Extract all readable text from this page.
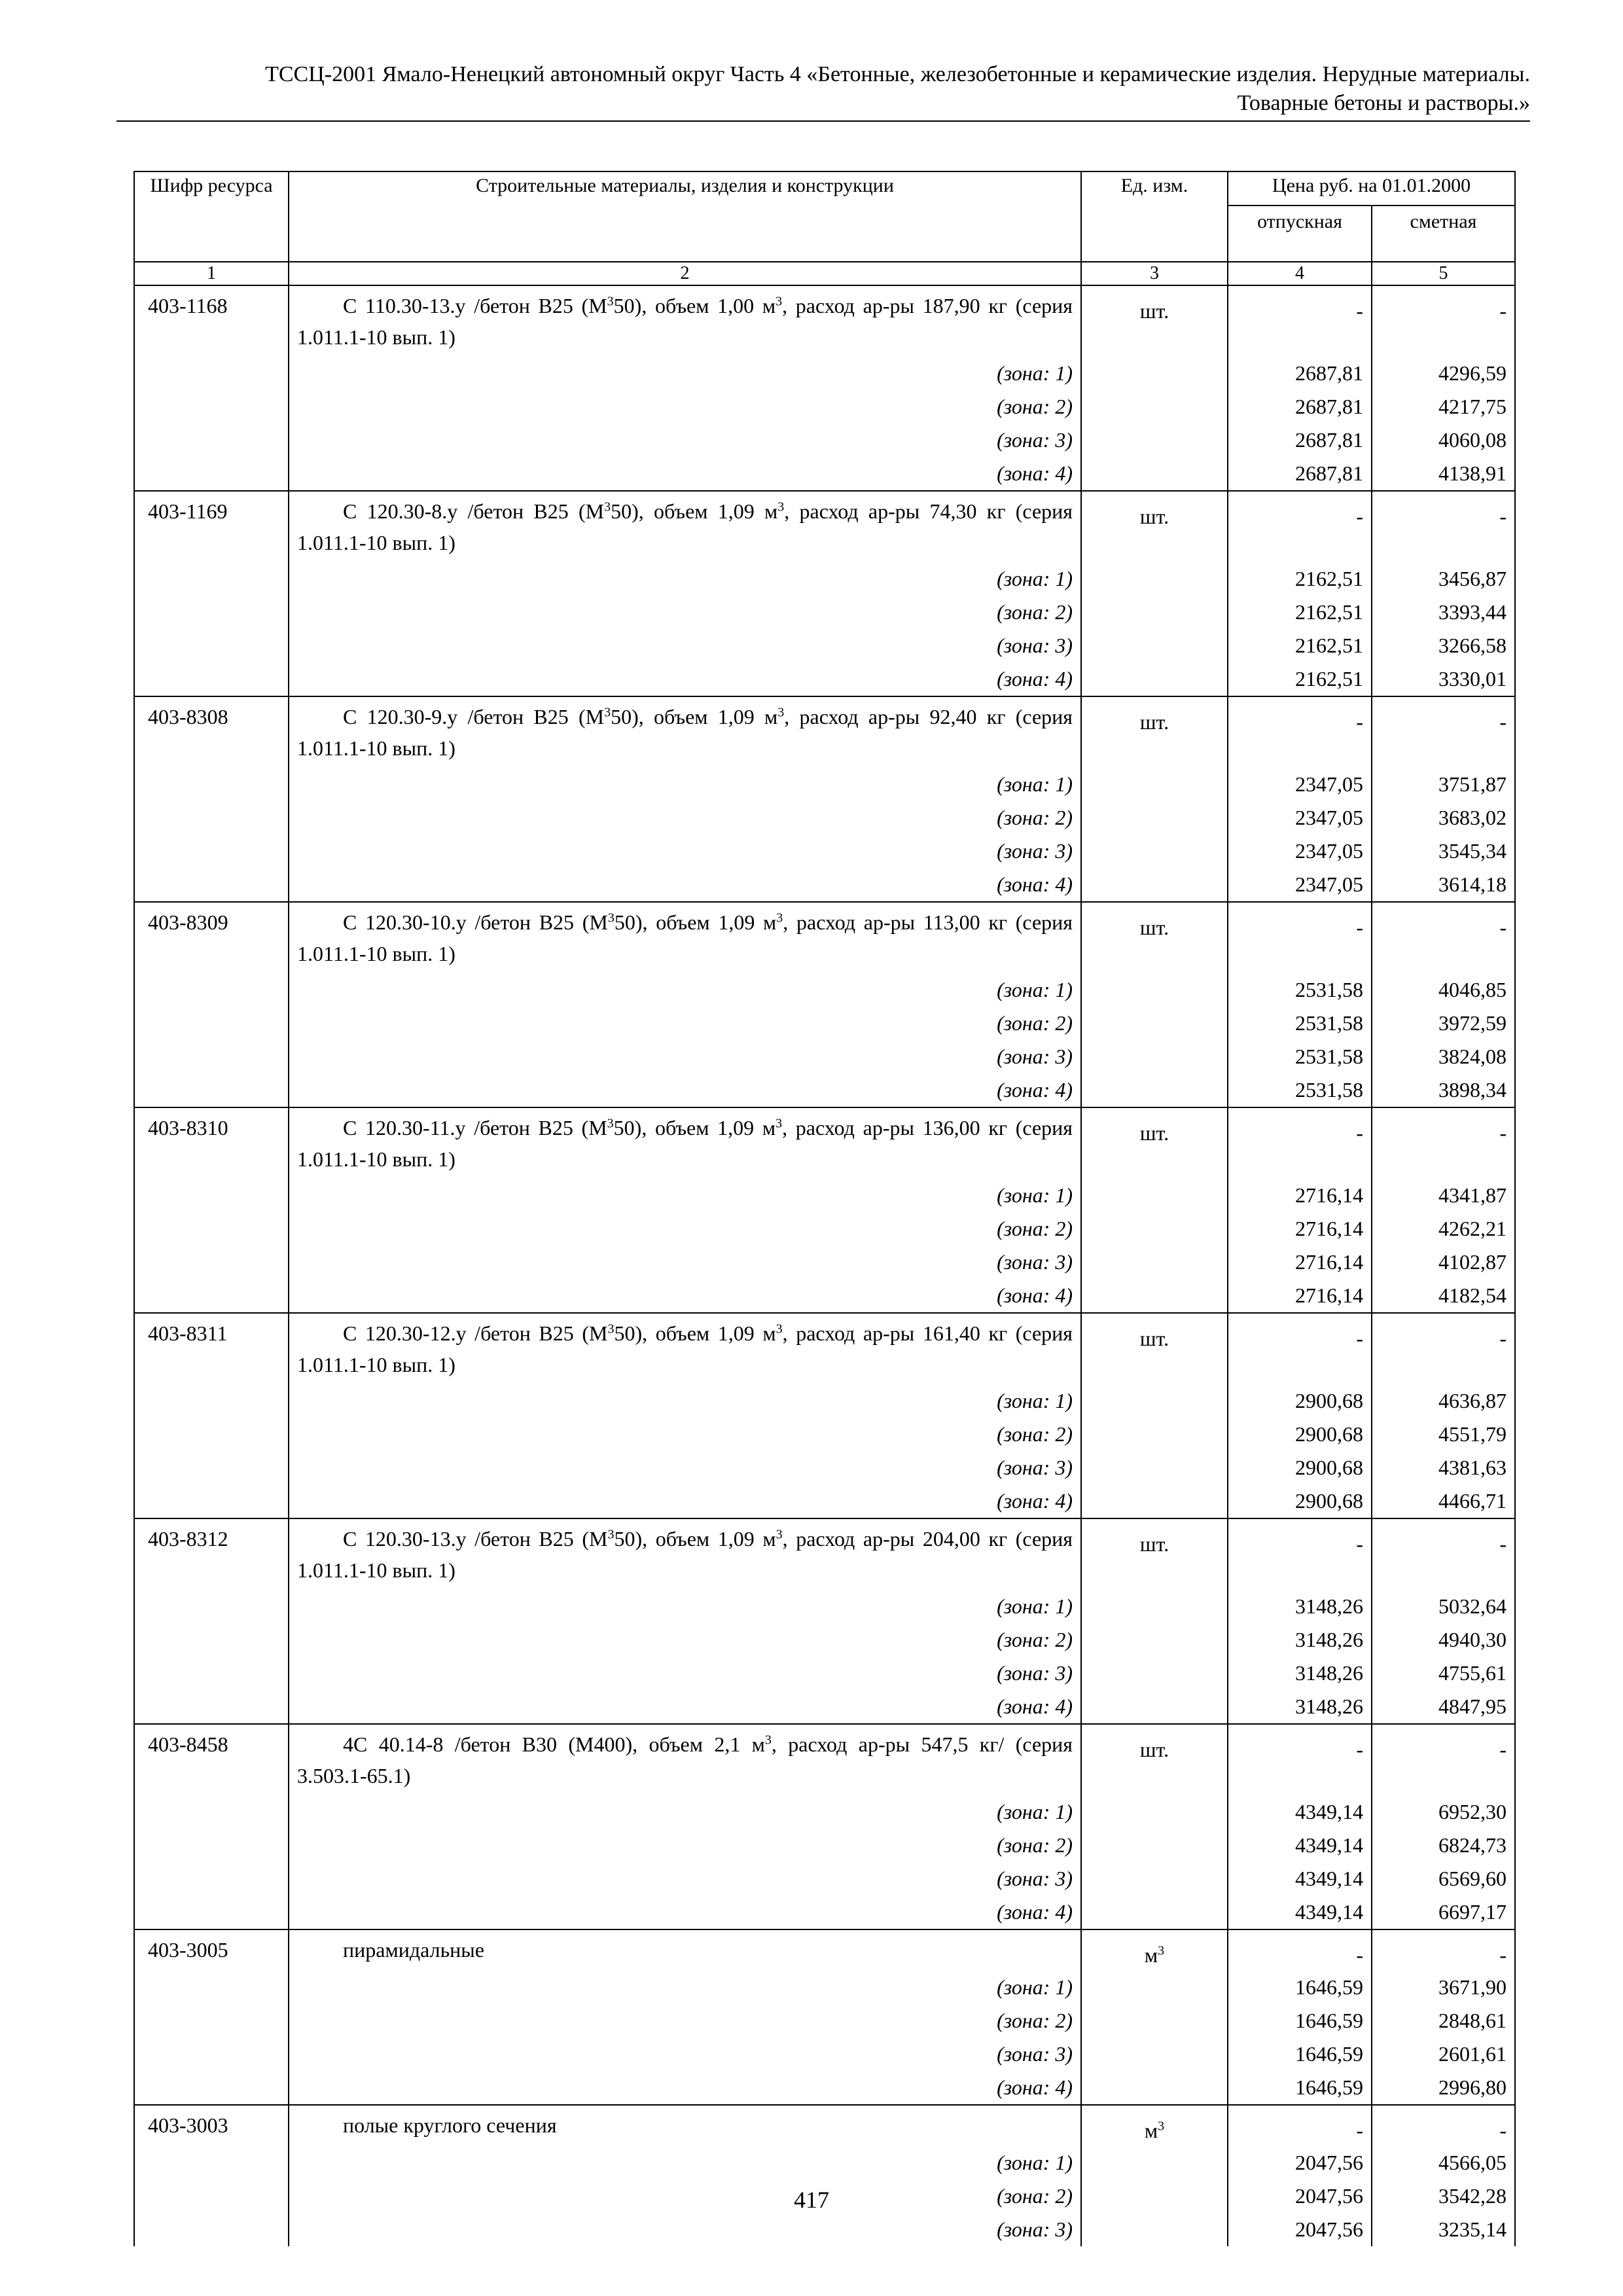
ТССЦ-2001 Ямало-Ненецкий автономный округ Часть 4 «Бетонные, железобетонные и керамические изделия. Нерудные материалы.
Товарные бетоны и растворы.»
Шифр ресурса	Строительные материалы, изделия и конструкции	Ед. изм.	Цена руб. на 01.01.2000	
			отпускная	сметная
1	2	3	4	5
403-1168	С 110.30-13.у /бетон В25 $(М^350)$, объем 1,00 $м^3$, расход ар-ры 187,90 кг (серия 1.011.1-10 вып. 1)	шт.	-	-
	(зона: 1)		2687,81	4296,59
	(зона: 2)		2687,81	4217,75
	(зона: 3)		2687,81	4060,08
	(зона: 4)		2687,81	4138,91
403-1169	С 120.30-8.у /бетон В25 $(М^350)$, объем 1,09 $м^3$, расход ар-ры 74,30 кг (серия 1.011.1-10 вып. 1)	шт.	-	-
	(зона: 1)		2162,51	3456,87
	(зона: 2)		2162,51	3393,44
	(зона: 3)		2162,51	3266,58
	(зона: 4)		2162,51	3330,01
403-8308	С 120.30-9.у /бетон В25 $(М^350)$, объем 1,09 $м^3$, расход ар-ры 92,40 кг (серия 1.011.1-10 вып. 1)	шт.	-	-
	(зона: 1)		2347,05	3751,87
	(зона: 2)		2347,05	3683,02
	(зона: 3)		2347,05	3545,34
	(зона: 4)		2347,05	3614,18
403-8309	С 120.30-10.у /бетон В25 $(М^350)$, объем 1,09 $м^3$, расход ар-ры 113,00 кг (серия 1.011.1-10 вып. 1)	шт.	-	-
	(зона: 1)		2531,58	4046,85
	(зона: 2)		2531,58	3972,59
	(зона: 3)		2531,58	3824,08
	(зона: 4)		2531,58	3898,34
403-8310	С 120.30-11.у /бетон В25 $(М^350)$, объем 1,09 $м^3$, расход ар-ры 136,00 кг (серия 1.011.1-10 вып. 1)	шт.	-	-
	(зона: 1)		2716,14	4341,87
	(зона: 2)		2716,14	4262,21
	(зона: 3)		2716,14	4102,87
	(зона: 4)		2716,14	4182,54
403-8311	С 120.30-12.у /бетон В25 $(М^350)$, объем 1,09 $м^3$, расход ар-ры 161,40 кг (серия 1.011.1-10 вып. 1)	шт.	-	-
	(зона: 1)		2900,68	4636,87
	(зона: 2)		2900,68	4551,79
	(зона: 3)		2900,68	4381,63
	(зона: 4)		2900,68	4466,71
403-8312	С 120.30-13.у /бетон В25 $(М^350)$, объем 1,09 $м^3$, расход ар-ры 204,00 кг (серия 1.011.1-10 вып. 1)	шт.	-	-
	(зона: 1)		3148,26	5032,64
	(зона: 2)		3148,26	4940,30
	(зона: 3)		3148,26	4755,61
	(зона: 4)		3148,26	4847,95
403-8458	4С 40.14-8 /бетон В30 (М400), объем 2,1 $м^3$, расход ар-ры 547,5 кг/ (серия 3.503.1-65.1)	шт.	-	-
	(зона: 1)		4349,14	6952,30
	(зона: 2)		4349,14	6824,73
	(зона: 3)		4349,14	6569,60
	(зона: 4)		4349,14	6697,17
403-3005	пирамидальные	$м^3$	-	-
	(зона: 1)		1646,59	3671,90
	(зона: 2)		1646,59	2848,61
	(зона: 3)		1646,59	2601,61
	(зона: 4)		1646,59	2996,80
403-3003	полые круглого сечения	$м^3$	-	-
	(зона: 1)		2047,56	4566,05
	(зона: 2)		2047,56	3542,28
	(зона: 3)		2047,56	3235,14
417
